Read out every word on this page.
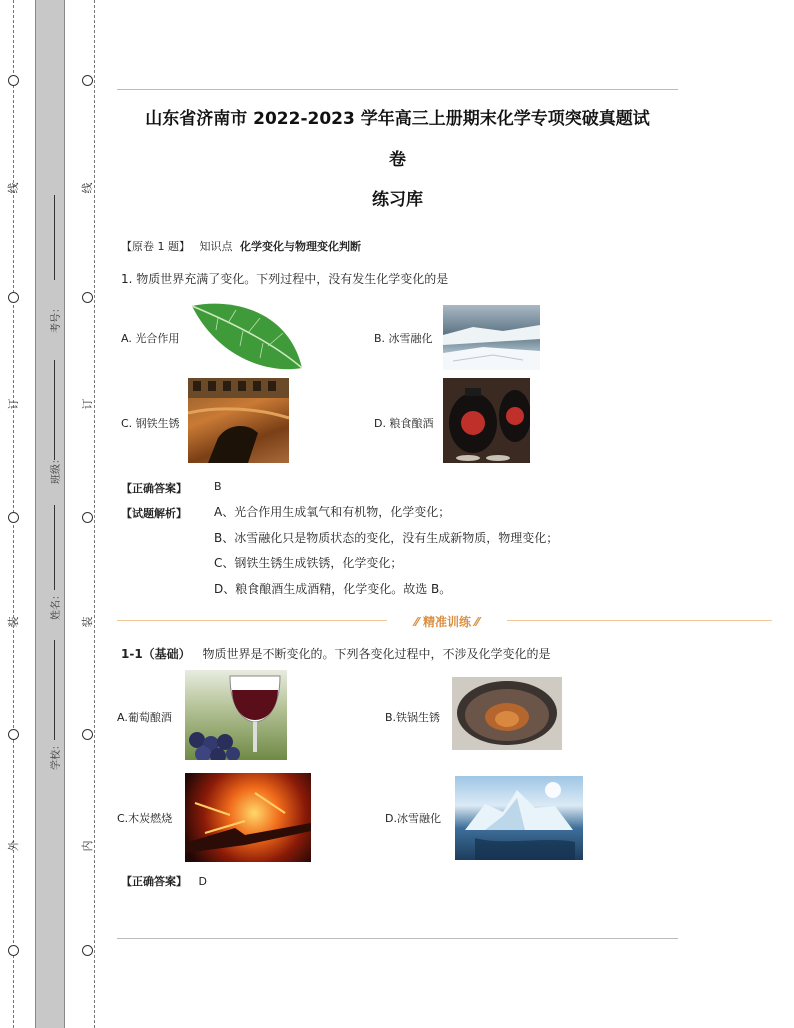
线
订
装
外
线
订
装
内
考号：
班级：
姓名：
学校：
山东省济南市 2022-2023 学年高三上册期末化学专项突破真题试
卷
练习库
【原卷 1 题】 知识点 化学变化与物理变化判断
1. 物质世界充满了变化。下列过程中，没有发生化学变化的是
A. 光合作用	B. 冰雪融化
C. 钢铁生锈	D. 粮食酿酒
【正确答案】 B
【试题解析】 A、光合作用生成氧气和有机物，化学变化；
B、冰雪融化只是物质状态的变化，没有生成新物质，物理变化；
C、钢铁生锈生成铁锈，化学变化；
D、粮食酿酒生成酒精，化学变化。故选 B。
⁄⁄ 精准训练 ⁄⁄
1-1（基础） 物质世界是不断变化的。下列各变化过程中，不涉及化学变化的是
A.葡萄酿酒	B.铁锅生锈
C.木炭燃烧	D.冰雪融化
【正确答案】 D
